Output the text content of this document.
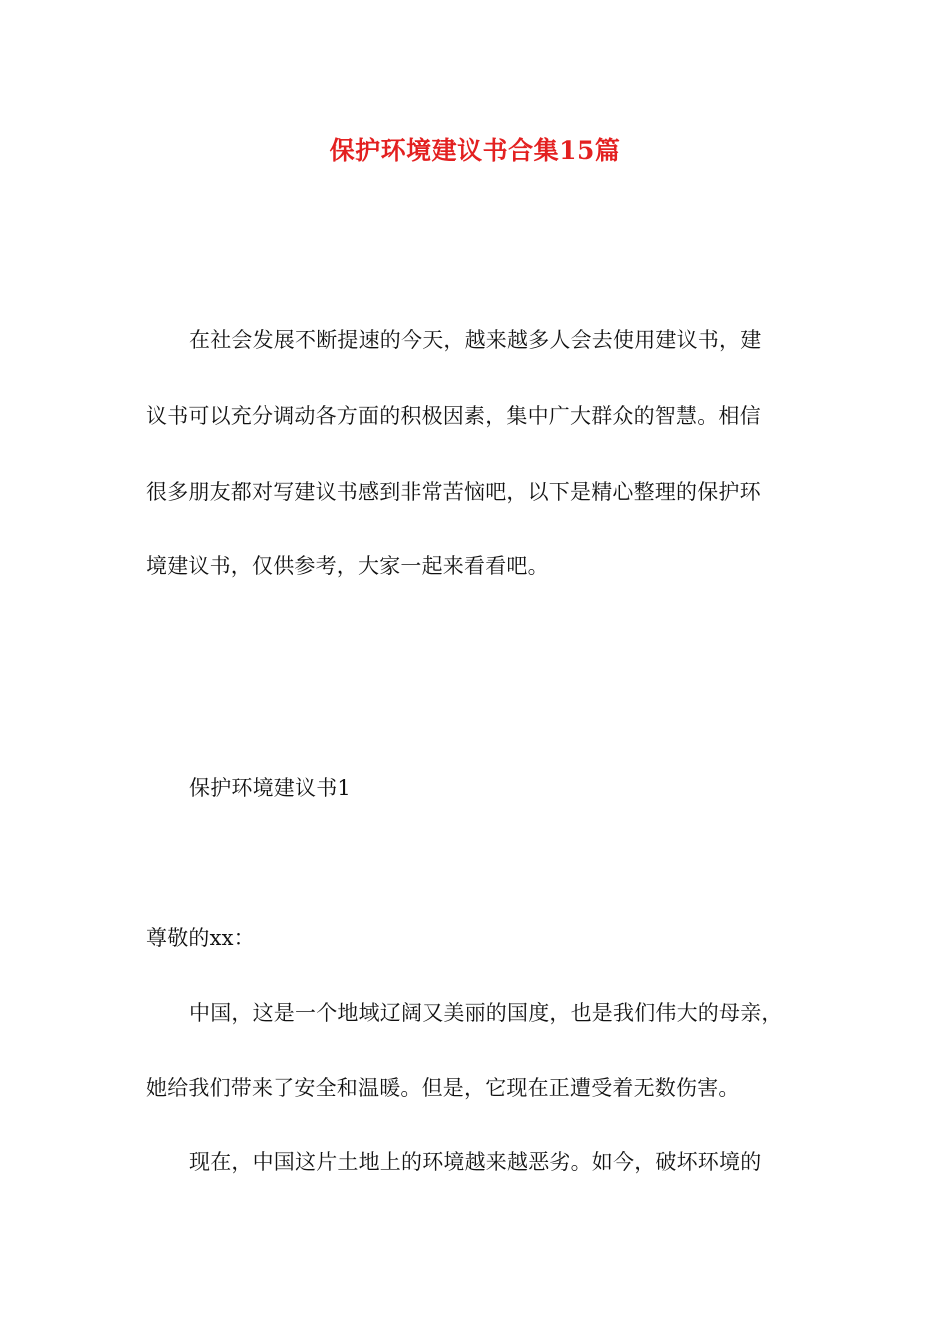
保护环境建议书合集15篇
在社会发展不断提速的今天，越来越多人会去使用建议书，建
议书可以充分调动各方面的积极因素，集中广大群众的智慧。相信
很多朋友都对写建议书感到非常苦恼吧，以下是精心整理的保护环
境建议书，仅供参考，大家一起来看看吧。
保护环境建议书1
尊敬的xx：
中国，这是一个地域辽阔又美丽的国度，也是我们伟大的母亲，
她给我们带来了安全和温暖。但是，它现在正遭受着无数伤害。
现在，中国这片土地上的环境越来越恶劣。如今，破坏环境的
